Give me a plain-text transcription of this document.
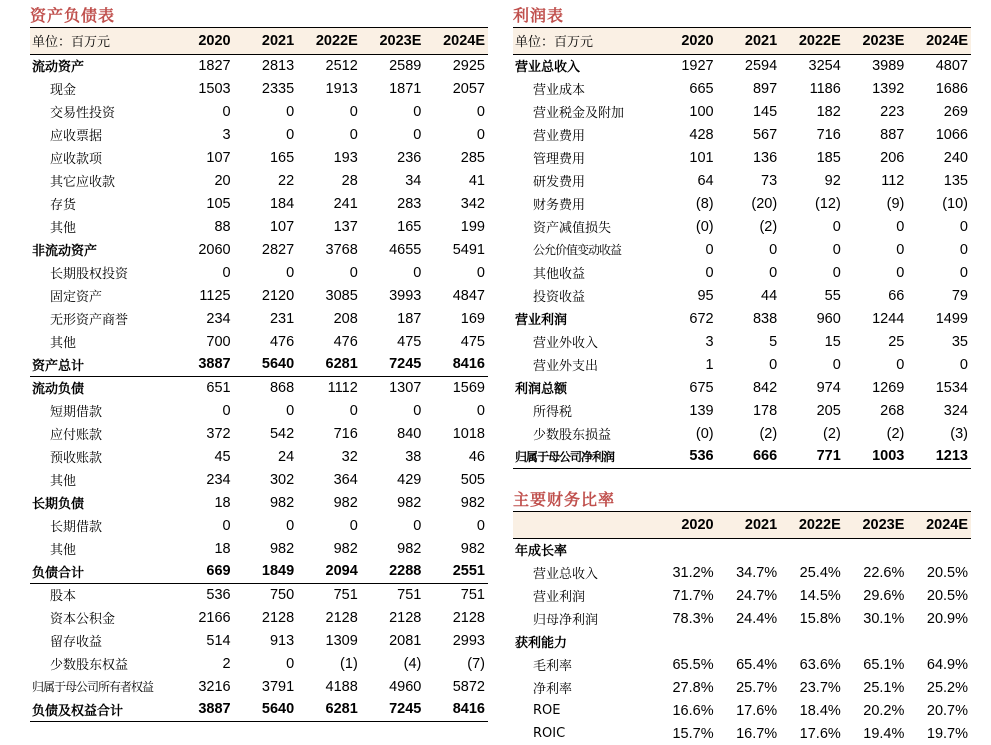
资产负债表
单位：百万元	2020	2021	2022E	2023E	2024E
流动资产	1827	2813	2512	2589	2925
现金	1503	2335	1913	1871	2057
交易性投资	0	0	0	0	0
应收票据	3	0	0	0	0
应收款项	107	165	193	236	285
其它应收款	20	22	28	34	41
存货	105	184	241	283	342
其他	88	107	137	165	199
非流动资产	2060	2827	3768	4655	5491
长期股权投资	0	0	0	0	0
固定资产	1125	2120	3085	3993	4847
无形资产商誉	234	231	208	187	169
其他	700	476	476	475	475
资产总计	3887	5640	6281	7245	8416
流动负债	651	868	1112	1307	1569
短期借款	0	0	0	0	0
应付账款	372	542	716	840	1018
预收账款	45	24	32	38	46
其他	234	302	364	429	505
长期负债	18	982	982	982	982
长期借款	0	0	0	0	0
其他	18	982	982	982	982
负债合计	669	1849	2094	2288	2551
股本	536	750	751	751	751
资本公积金	2166	2128	2128	2128	2128
留存收益	514	913	1309	2081	2993
少数股东权益	2	0	(1)	(4)	(7)
归属于母公司所有者权益	3216	3791	4188	4960	5872
负债及权益合计	3887	5640	6281	7245	8416
利润表
单位：百万元	2020	2021	2022E	2023E	2024E
营业总收入	1927	2594	3254	3989	4807
营业成本	665	897	1186	1392	1686
营业税金及附加	100	145	182	223	269
营业费用	428	567	716	887	1066
管理费用	101	136	185	206	240
研发费用	64	73	92	112	135
财务费用	(8)	(20)	(12)	(9)	(10)
资产减值损失	(0)	(2)	0	0	0
公允价值变动收益	0	0	0	0	0
其他收益	0	0	0	0	0
投资收益	95	44	55	66	79
营业利润	672	838	960	1244	1499
营业外收入	3	5	15	25	35
营业外支出	1	0	0	0	0
利润总额	675	842	974	1269	1534
所得税	139	178	205	268	324
少数股东损益	(0)	(2)	(2)	(2)	(3)
归属于母公司净利润	536	666	771	1003	1213
主要财务比率
	2020	2021	2022E	2023E	2024E
年成长率					
营业总收入	31.2%	34.7%	25.4%	22.6%	20.5%
营业利润	71.7%	24.7%	14.5%	29.6%	20.5%
归母净利润	78.3%	24.4%	15.8%	30.1%	20.9%
获利能力					
毛利率	65.5%	65.4%	63.6%	65.1%	64.9%
净利率	27.8%	25.7%	23.7%	25.1%	25.2%
ROE	16.6%	17.6%	18.4%	20.2%	20.7%
ROIC	15.7%	16.7%	17.6%	19.4%	19.7%
